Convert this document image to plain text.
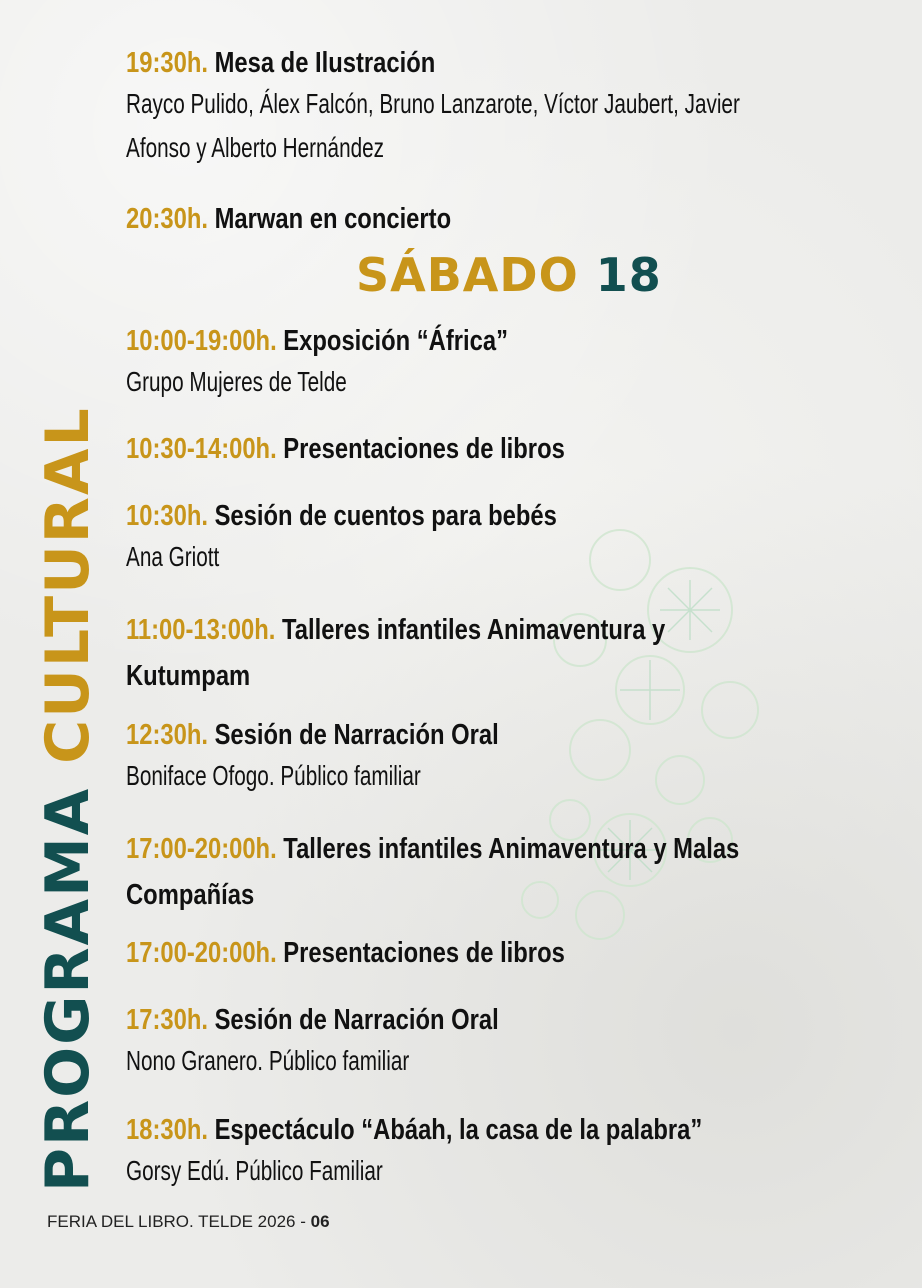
PROGRAMA CULTURAL
19:30h. Mesa de Ilustración
Rayco Pulido, Álex Falcón, Bruno Lanzarote, Víctor Jaubert, Javier Afonso y Alberto Hernández
20:30h. Marwan en concierto
10:00-19:00h. Exposición “África”
Grupo Mujeres de Telde
10:30-14:00h. Presentaciones de libros
10:30h. Sesión de cuentos para bebés
Ana Griott
11:00-13:00h. Talleres infantiles Animaventura y Kutumpam
12:30h. Sesión de Narración Oral
Boniface Ofogo. Público familiar
17:00-20:00h. Talleres infantiles Animaventura y Malas Compañías
17:00-20:00h. Presentaciones de libros
17:30h. Sesión de Narración Oral
Nono Granero. Público familiar
18:30h. Espectáculo “Abáah, la casa de la palabra”
Gorsy Edú. Público Familiar
SÁBADO 18
FERIA DEL LIBRO. TELDE 2026 - 06
